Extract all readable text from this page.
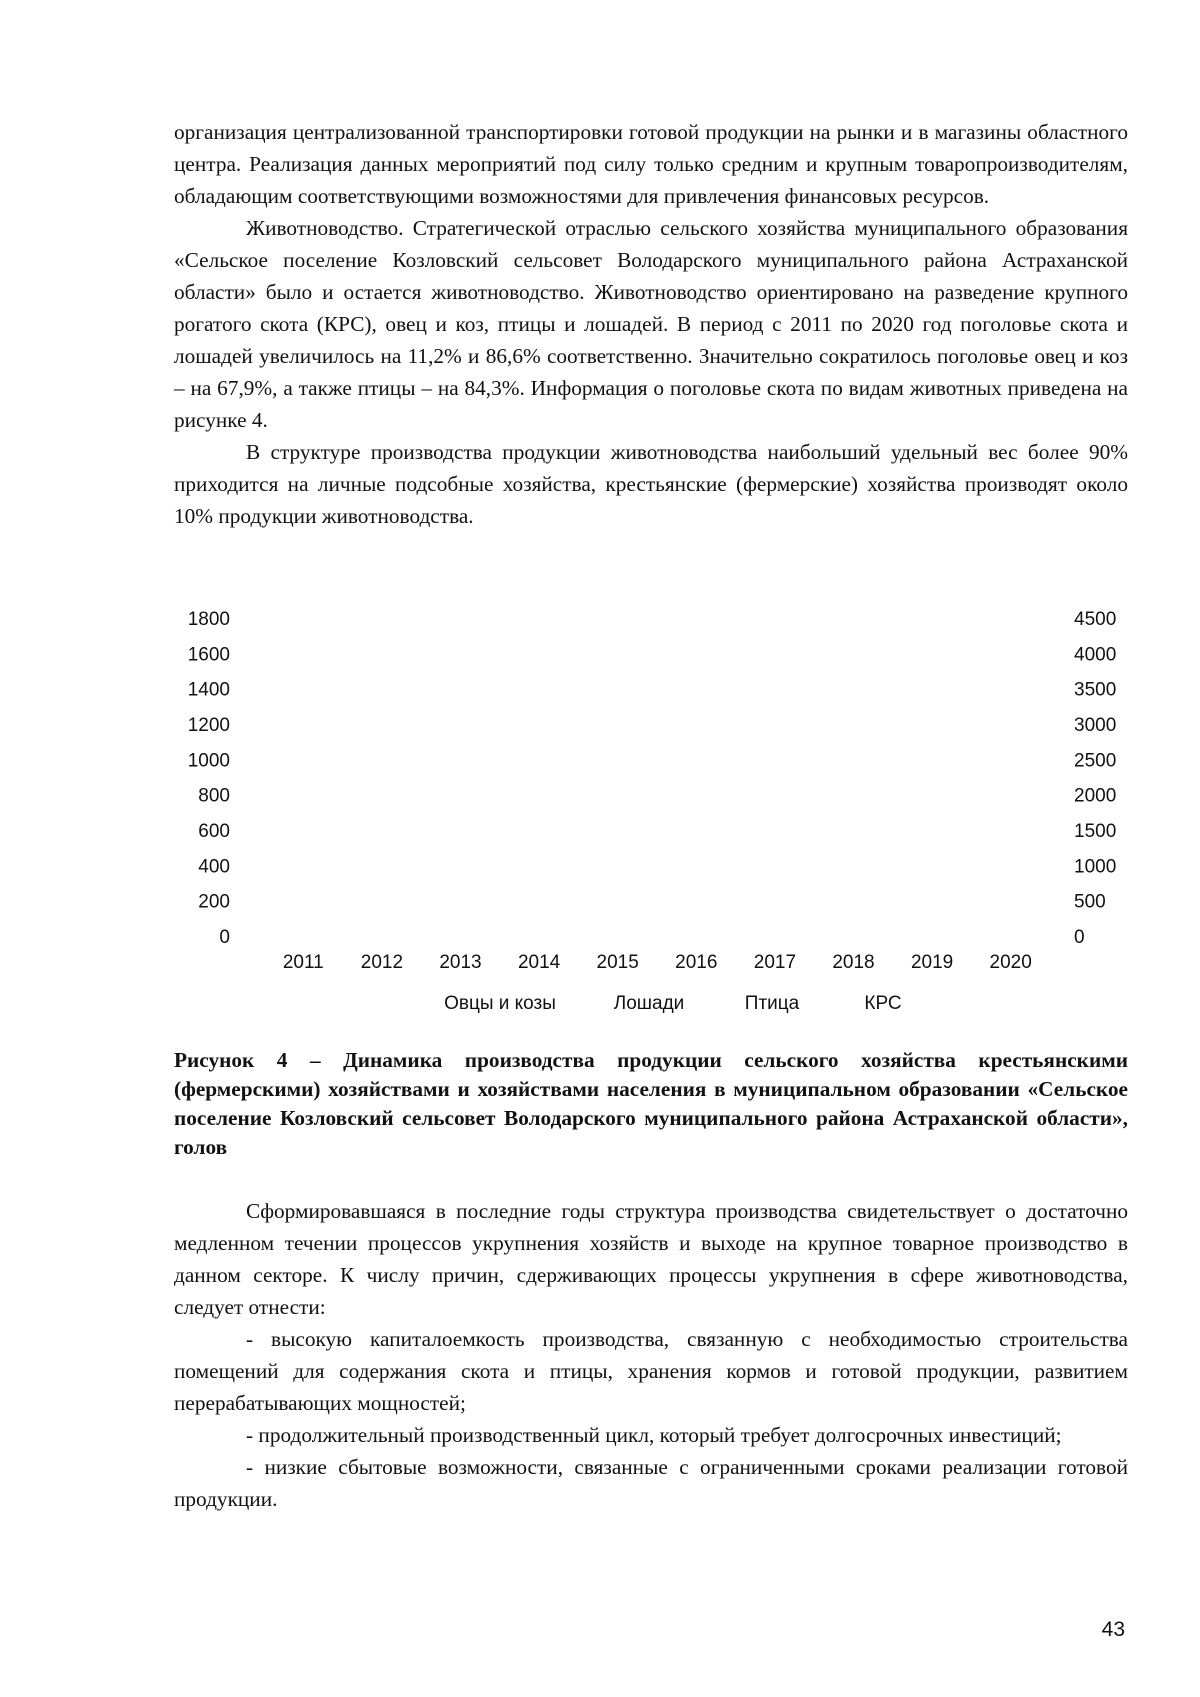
организация централизованной транспортировки готовой продукции на рынки и в магазины областного центра. Реализация данных мероприятий под силу только средним и крупным товаропроизводителям, обладающим соответствующими возможностями для привлечения финансовых ресурсов.

Животноводство. Стратегической отраслью сельского хозяйства муниципального образования «Сельское поселение Козловский сельсовет Володарского муниципального района Астраханской области» было и остается животноводство. Животноводство ориентировано на разведение крупного рогатого скота (КРС), овец и коз, птицы и лошадей. В период с 2011 по 2020 год поголовье скота и лошадей увеличилось на 11,2% и 86,6% соответственно. Значительно сократилось поголовье овец и коз – на 67,9%, а также птицы – на 84,3%. Информация о поголовье скота по видам животных приведена на рисунке 4.

В структуре производства продукции животноводства наибольший удельный вес более 90% приходится на личные подсобные хозяйства, крестьянские (фермерские) хозяйства производят около 10% продукции животноводства.

1800
1600
1400
1200
1000
800
600
400
200
0
4500
4000
3500
3000
2500
2000
1500
1000
500
0
2011 2012 2013 2014 2015 2016 2017 2018 2019 2020
Овцы и козы	Лошади	Птица	КРС

Рисунок 4 – Динамика производства продукции сельского хозяйства крестьянскими (фермерскими) хозяйствами и хозяйствами населения в муниципальном образовании «Сельское поселение Козловский сельсовет Володарского муниципального района Астраханской области», голов

Сформировавшаяся в последние годы структура производства свидетельствует о достаточно медленном течении процессов укрупнения хозяйств и выходе на крупное товарное производство в данном секторе. К числу причин, сдерживающих процессы укрупнения в сфере животноводства, следует отнести:

- высокую капиталоемкость производства, связанную с необходимостью строительства помещений для содержания скота и птицы, хранения кормов и готовой продукции, развитием перерабатывающих мощностей;

- продолжительный производственный цикл, который требует долгосрочных инвестиций;

- низкие сбытовые возможности, связанные с ограниченными сроками реализации готовой продукции.

43
